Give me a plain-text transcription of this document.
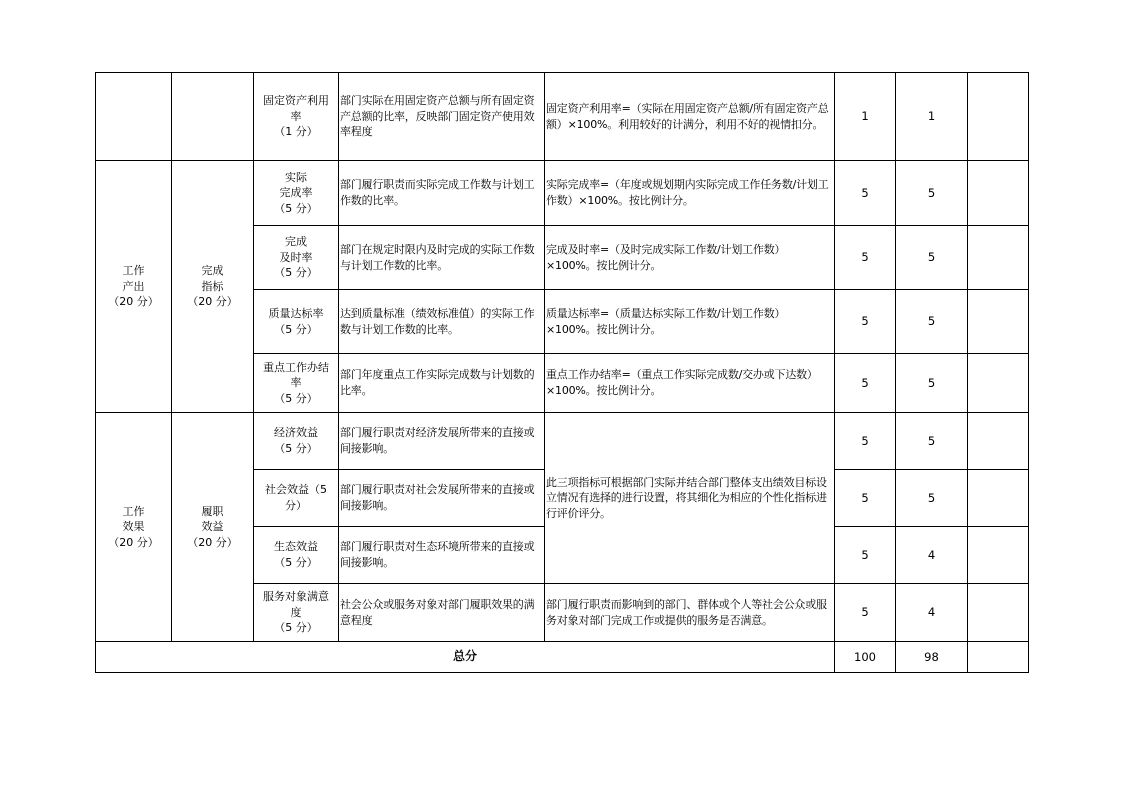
		固定资产利用
率
（1 分）	部门实际在用固定资产总额与所有固定资产总额的比率，反映部门固定资产使用效率程度	固定资产利用率=（实际在用固定资产总额/所有固定资产总额）×100%。利用较好的计满分，利用不好的视情扣分。	1	1	
工作
产出
（20 分）	完成
指标
（20 分）	实际
完成率
（5 分）	部门履行职责而实际完成工作数与计划工作数的比率。	实际完成率=（年度或规划期内实际完成工作任务数/计划工作数）×100%。按比例计分。	5	5	
		完成
及时率
（5 分）	部门在规定时限内及时完成的实际工作数与计划工作数的比率。	完成及时率=（及时完成实际工作数/计划工作数）×100%。按比例计分。	5	5	
		质量达标率
（5 分）	达到质量标准（绩效标准值）的实际工作数与计划工作数的比率。	质量达标率=（质量达标实际工作数/计划工作数）×100%。按比例计分。	5	5	
		重点工作办结
率
（5 分）	部门年度重点工作实际完成数与计划数的比率。	重点工作办结率=（重点工作实际完成数/交办或下达数）×100%。按比例计分。	5	5	
工作
效果
（20 分）	履职
效益
（20 分）	经济效益
（5 分）	部门履行职责对经济发展所带来的直接或间接影响。	此三项指标可根据部门实际并结合部门整体支出绩效目标设立情况有选择的进行设置，将其细化为相应的个性化指标进行评价评分。	5	5	
		社会效益（5
分）	部门履行职责对社会发展所带来的直接或间接影响。		5	5	
		生态效益
（5 分）	部门履行职责对生态环境所带来的直接或间接影响。		5	4	
		服务对象满意
度
（5 分）	社会公众或服务对象对部门履职效果的满意程度	部门履行职责而影响到的部门、群体或个人等社会公众或服务对象对部门完成工作或提供的服务是否满意。	5	4	
总分					100	98	
